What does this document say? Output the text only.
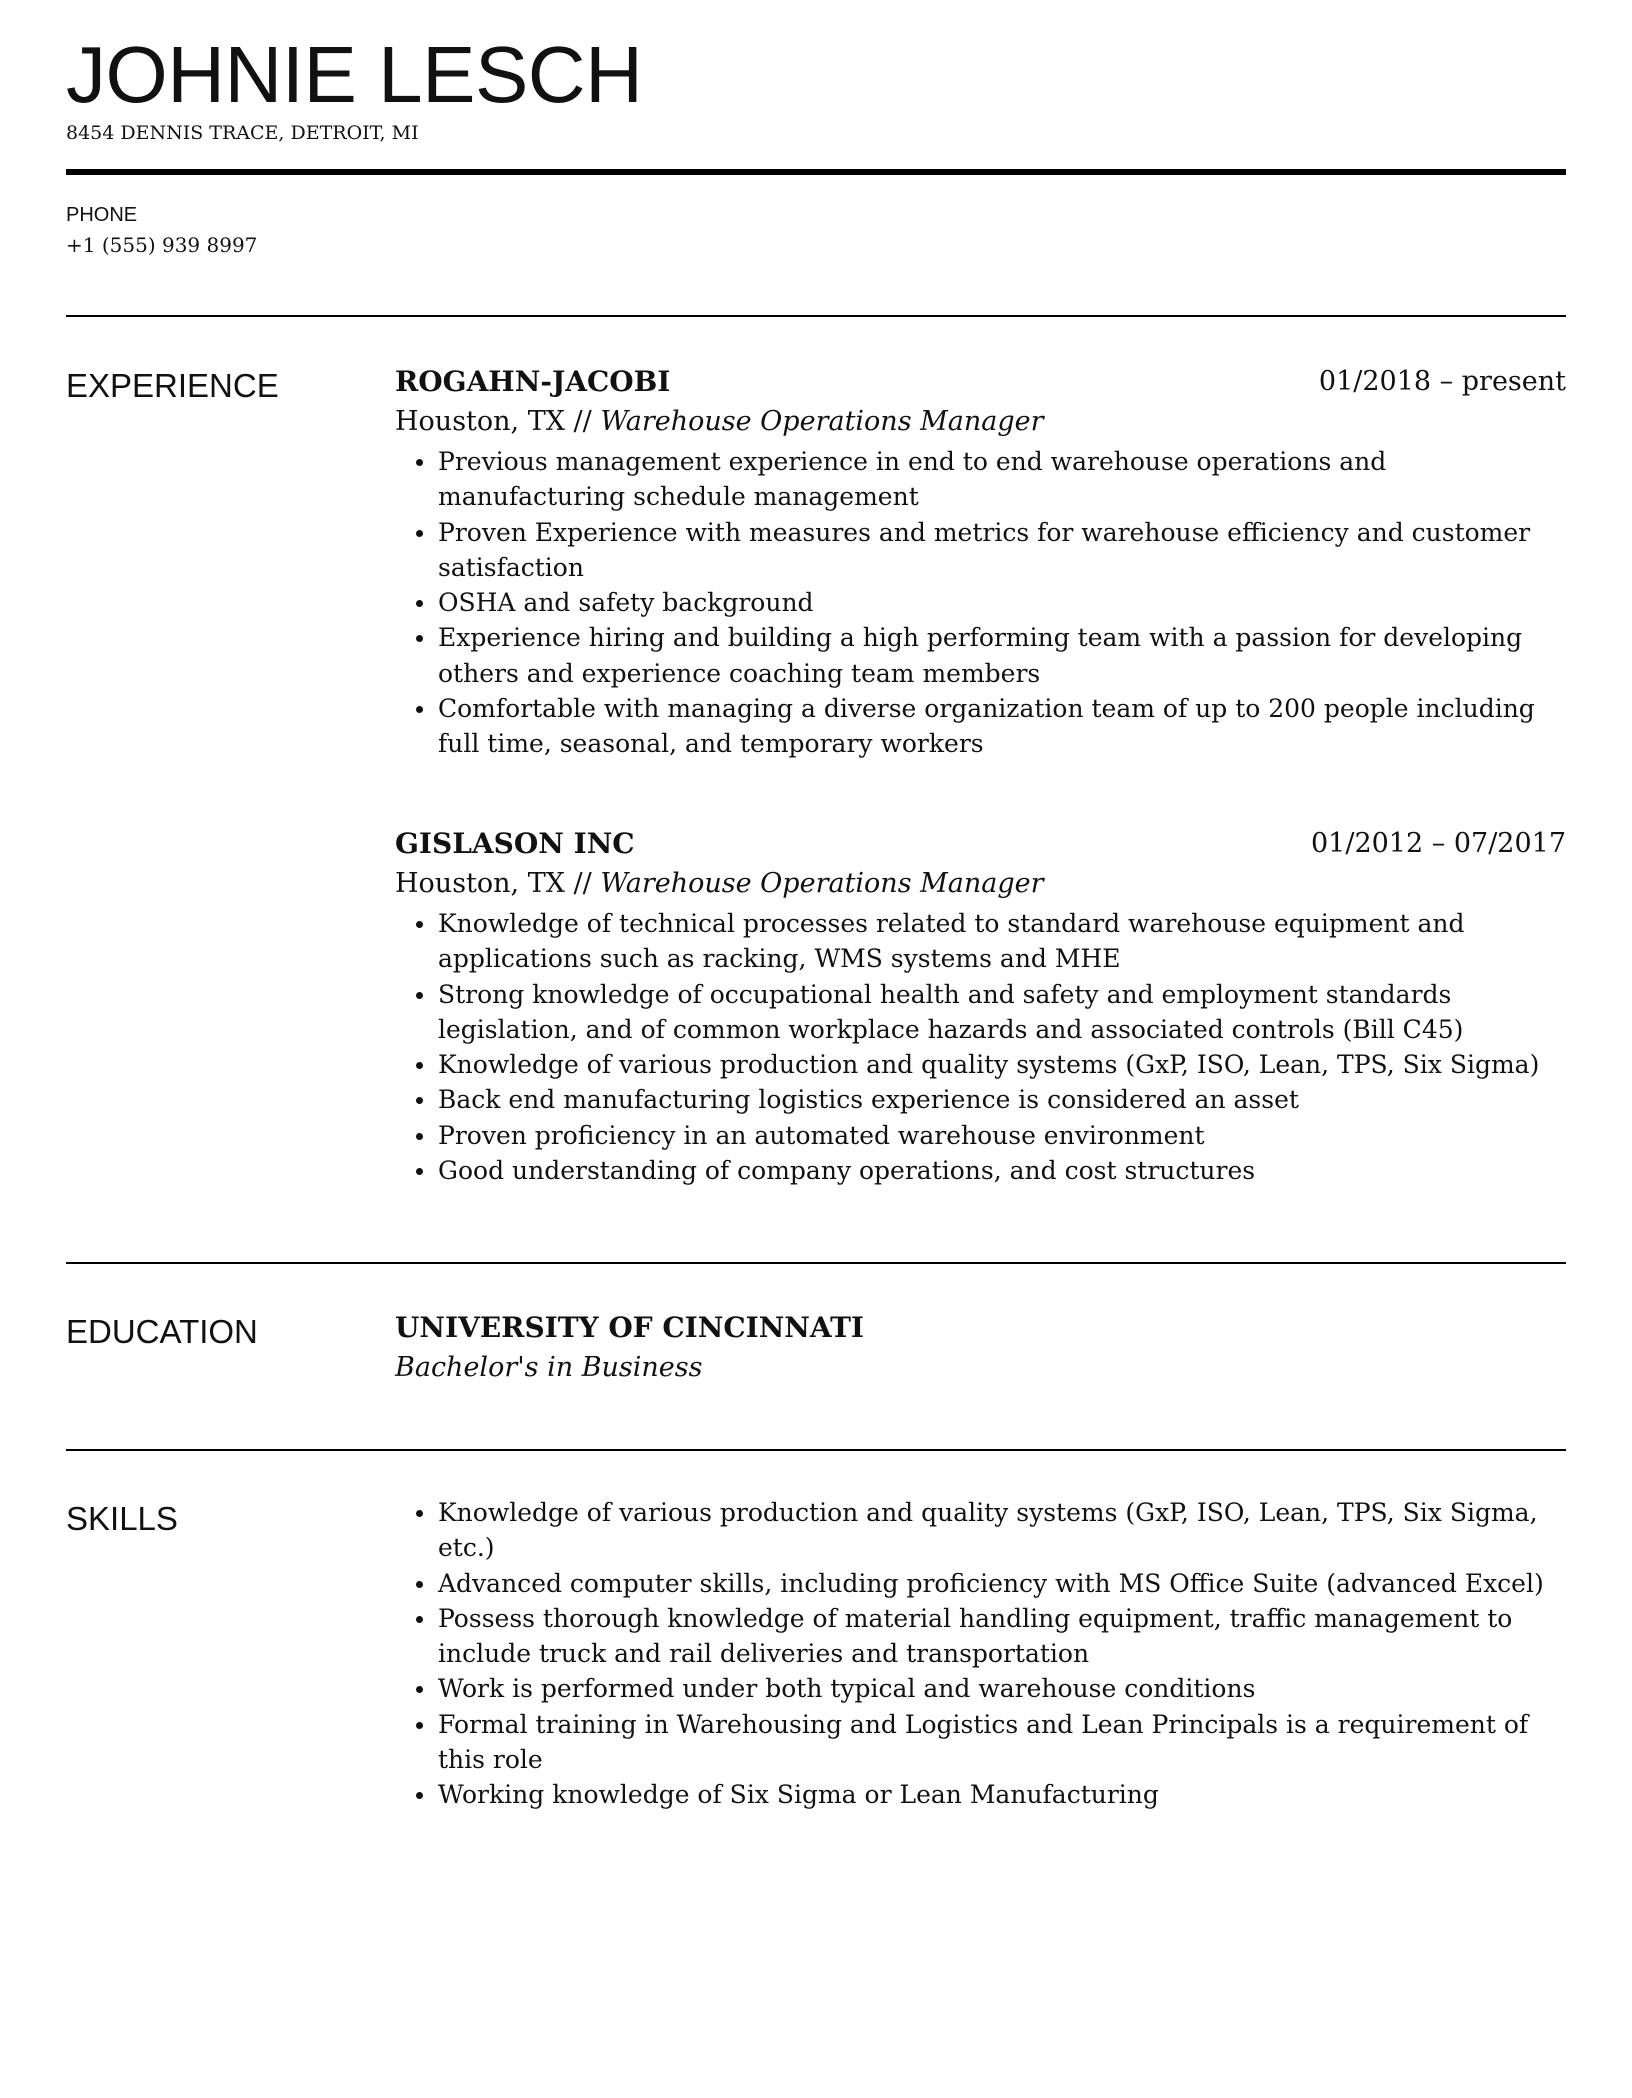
JOHNIE LESCH
8454 DENNIS TRACE, DETROIT, MI
PHONE
+1 (555) 939 8997
EXPERIENCE	ROGAHN-JACOBI	01/2018 – present
Houston, TX // Warehouse Operations Manager
Previous management experience in end to end warehouse operations and manufacturing schedule management
Proven Experience with measures and metrics for warehouse efficiency and customer satisfaction
OSHA and safety background
Experience hiring and building a high performing team with a passion for developing others and experience coaching team members
Comfortable with managing a diverse organization team of up to 200 people including full time, seasonal, and temporary workers
GISLASON INC	01/2012 – 07/2017
Houston, TX // Warehouse Operations Manager
Knowledge of technical processes related to standard warehouse equipment and applications such as racking, WMS systems and MHE
Strong knowledge of occupational health and safety and employment standards legislation, and of common workplace hazards and associated controls (Bill C45)
Knowledge of various production and quality systems (GxP, ISO, Lean, TPS, Six Sigma)
Back end manufacturing logistics experience is considered an asset
Proven proficiency in an automated warehouse environment
Good understanding of company operations, and cost structures
EDUCATION	UNIVERSITY OF CINCINNATI
Bachelor's in Business
SKILLS	Knowledge of various production and quality systems (GxP, ISO, Lean, TPS, Six Sigma, etc.)
Advanced computer skills, including proficiency with MS Office Suite (advanced Excel)
Possess thorough knowledge of material handling equipment, traffic management to include truck and rail deliveries and transportation
Work is performed under both typical and warehouse conditions
Formal training in Warehousing and Logistics and Lean Principals is a requirement of this role
Working knowledge of Six Sigma or Lean Manufacturing
